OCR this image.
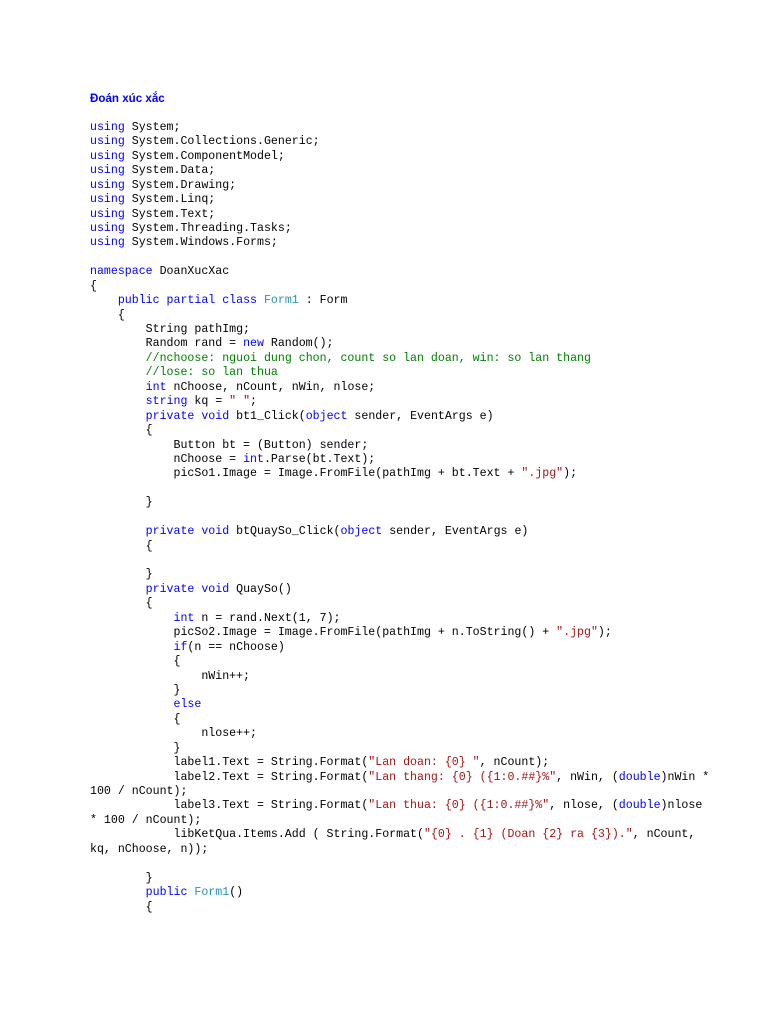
Đoán xúc xắc
using System;
using System.Collections.Generic;
using System.ComponentModel;
using System.Data;
using System.Drawing;
using System.Linq;
using System.Text;
using System.Threading.Tasks;
using System.Windows.Forms;
namespace DoanXucXac
{
public partial class Form1 : Form
{
String pathImg;
Random rand = new Random();
//nchoose: nguoi dung chon, count so lan doan, win: so lan thang
//lose: so lan thua
int nChoose, nCount, nWin, nlose;
string kq = " ";
private void bt1_Click(object sender, EventArgs e)
{
Button bt = (Button) sender;
nChoose = int.Parse(bt.Text);
picSo1.Image = Image.FromFile(pathImg + bt.Text + ".jpg");
}
private void btQuaySo_Click(object sender, EventArgs e)
{
}
private void QuaySo()
{
int n = rand.Next(1, 7);
picSo2.Image = Image.FromFile(pathImg + n.ToString() + ".jpg");
if(n == nChoose)
{
nWin++;
}
else
{
nlose++;
}
label1.Text = String.Format("Lan doan: {0} ", nCount);
label2.Text = String.Format("Lan thang: {0} ({1:0.##}%", nWin, (double)nWin *
100 / nCount);
label3.Text = String.Format("Lan thua: {0} ({1:0.##}%", nlose, (double)nlose
* 100 / nCount);
libKetQua.Items.Add ( String.Format("{0} . {1} (Doan {2} ra {3}).", nCount,
kq, nChoose, n));
}
public Form1()
{
